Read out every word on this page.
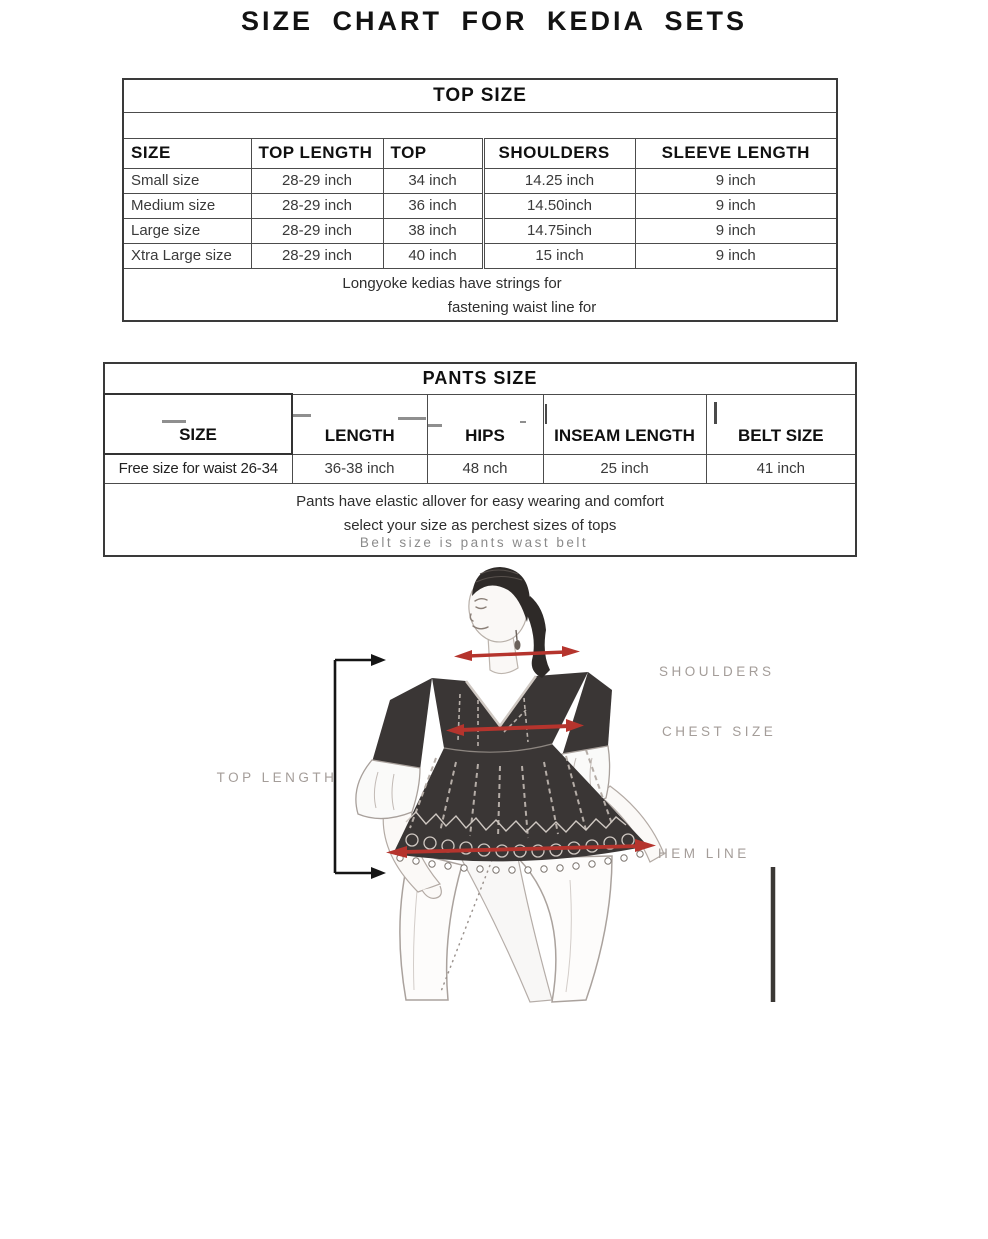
SIZE CHART FOR KEDIA SETS
TOP SIZE				

SIZE	TOP LENGTH	TOP	SHOULDERS	SLEEVE LENGTH
Small size	28-29 inch	34 inch	14.25 inch	9 inch
Medium size	28-29 inch	36 inch	14.50inch	9 inch
Large size	28-29 inch	38 inch	14.75inch	9 inch
Xtra Large size	28-29 inch	40 inch	15 inch	9 inch

Longyoke kedias have strings for
fastening waist line for				
PANTS SIZE				
SIZE	LENGTH	HIPS	INSEAM LENGTH	BELT SIZE
Free size for waist 26-34	36-38 inch	48 nch	25 inch	41 inch

Pants have elastic allover for easy wearing and comfort
select your size as perchest sizes of tops
Belt size is pants wast belt				
TOP LENGTH
SHOULDERS
CHEST SIZE
HEM LINE
